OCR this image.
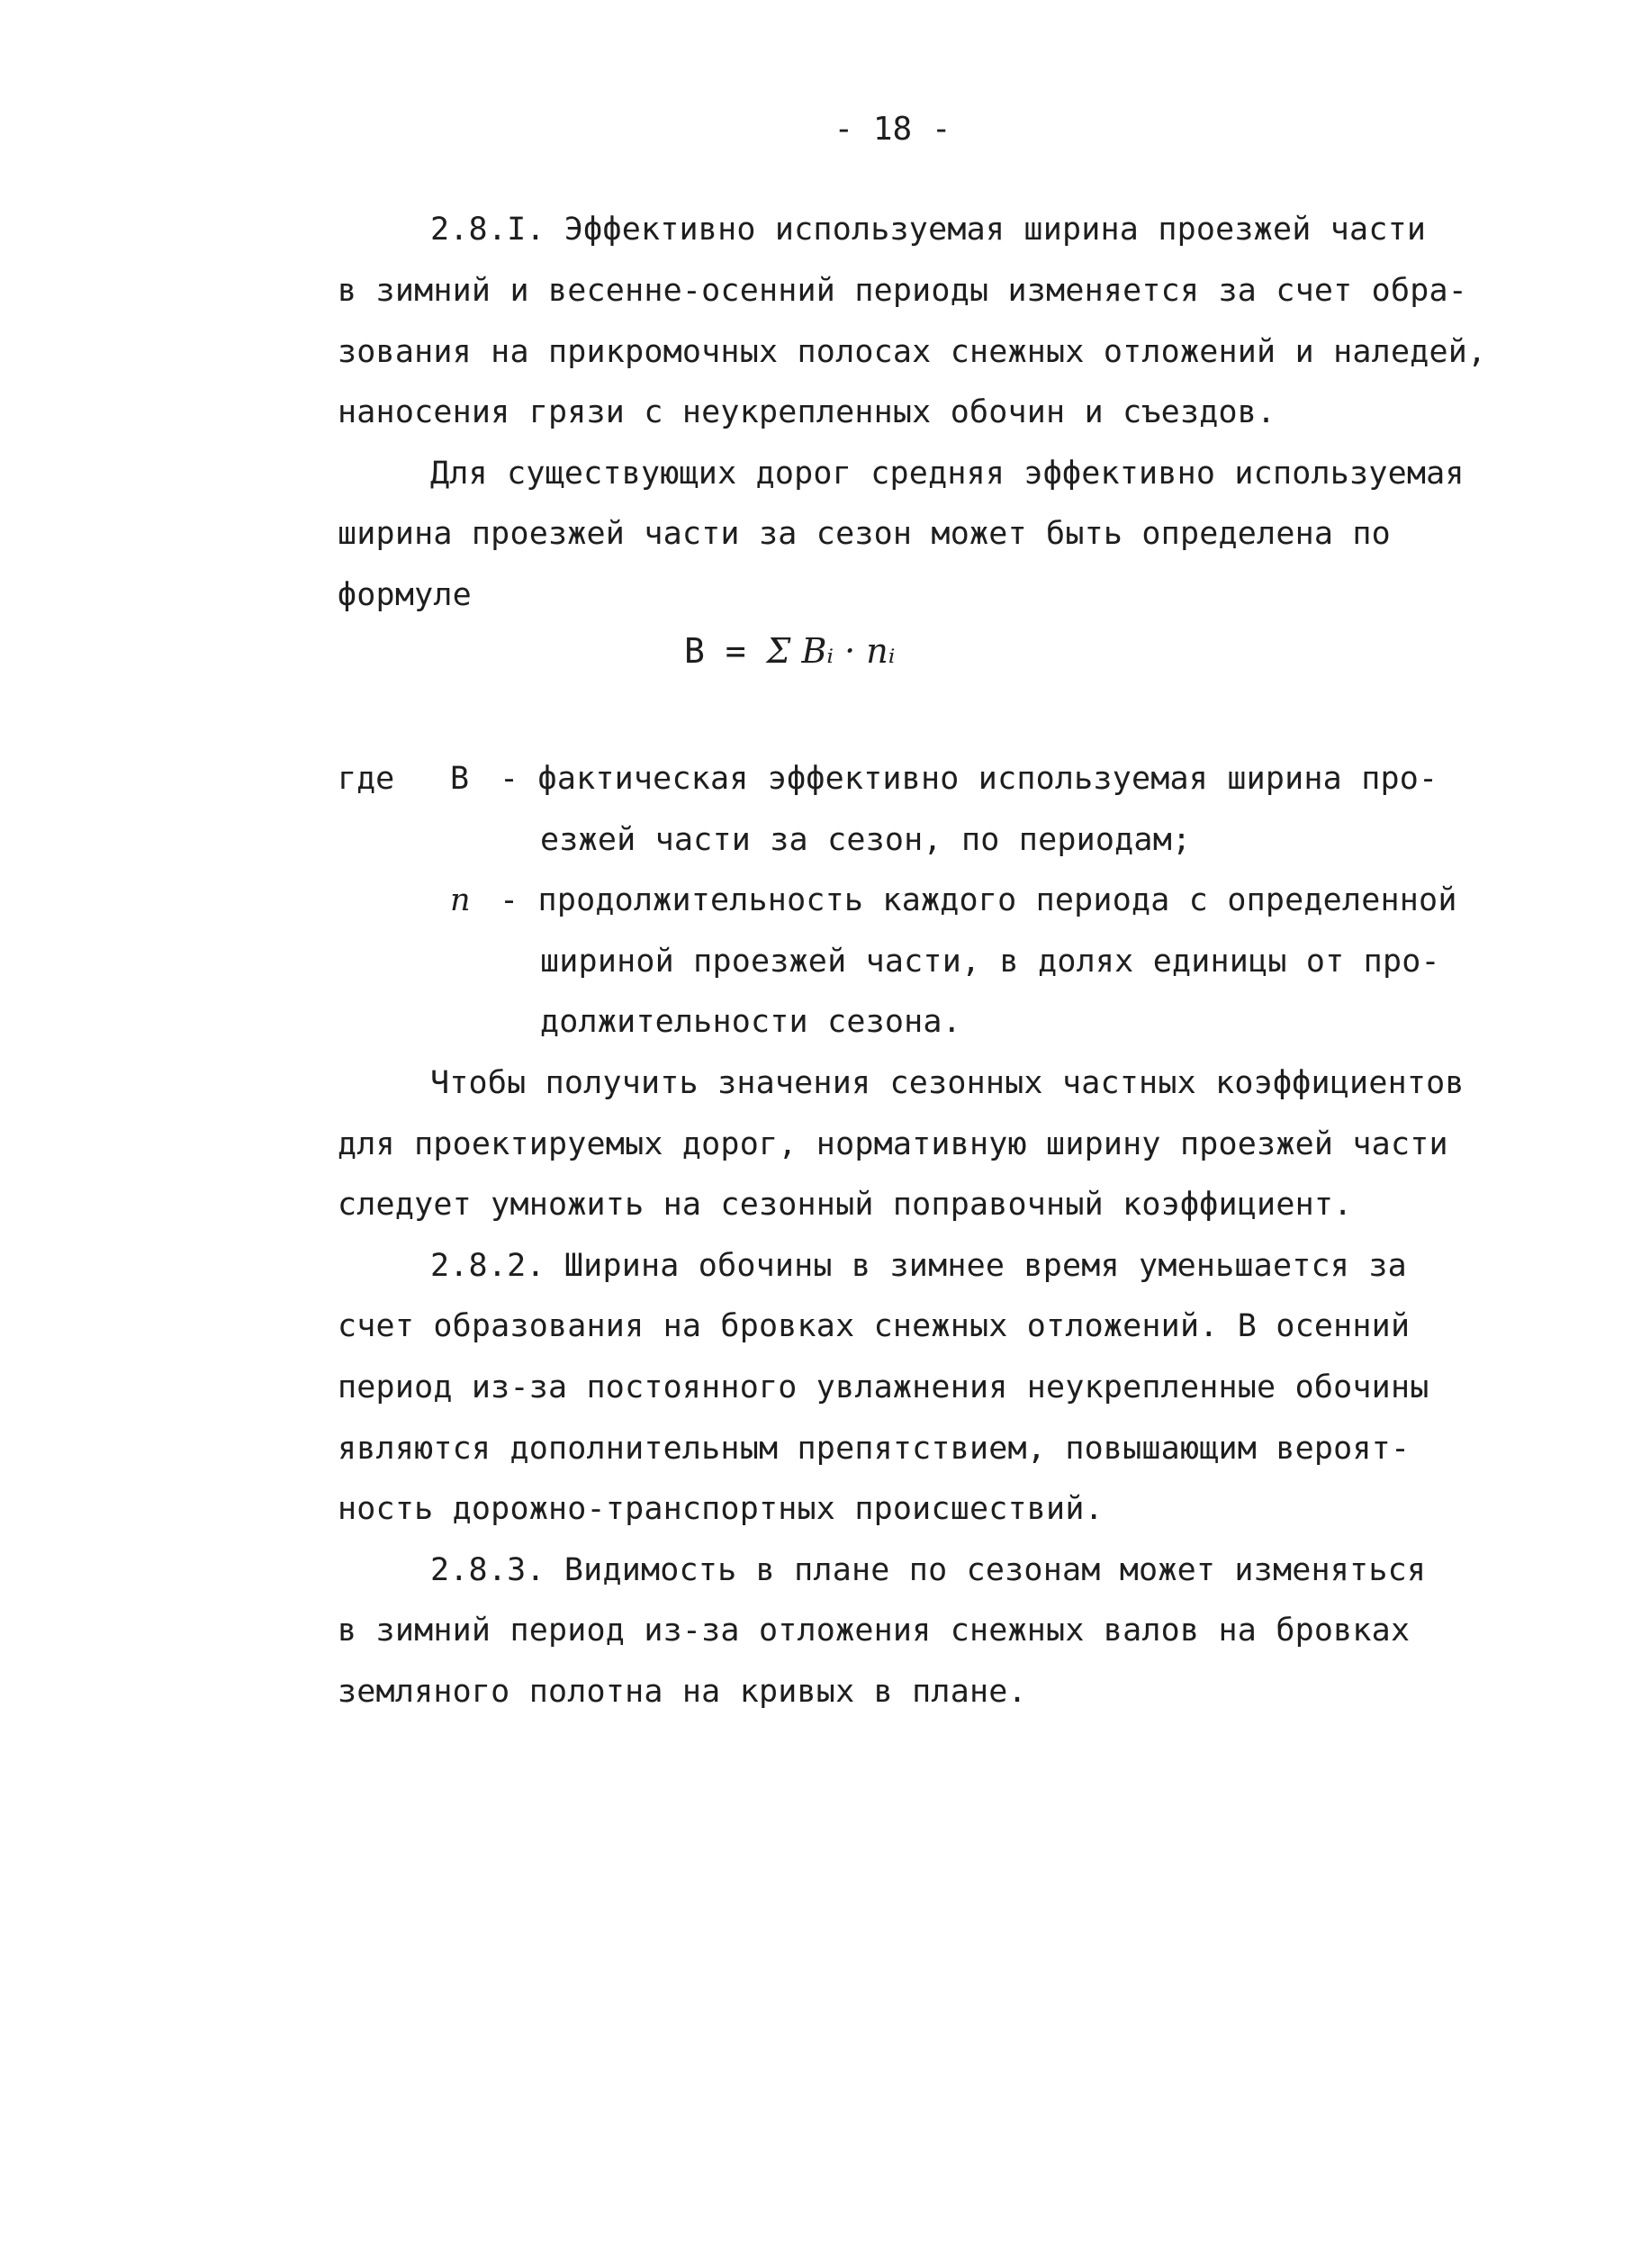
- 18 -
2.8.I. Эффективно используемая ширина проезжей части
в зимний и весенне-осенний периоды изменяется за счет обра-
зования на прикромочных полосах снежных отложений и наледей,
наносения грязи с неукрепленных обочин и съездов.
Для существующих дорог средняя эффективно используемая
ширина проезжей части за сезон может быть определена по
формуле
B = Σ Bᵢ · nᵢ
где B - фактическая эффективно используемая ширина про-
езжей части за сезон, по периодам;
n - продолжительность каждого периода с определенной
шириной проезжей части, в долях единицы от про-
должительности сезона.
Чтобы получить значения сезонных частных коэффициентов
для проектируемых дорог, нормативную ширину проезжей части
следует умножить на сезонный поправочный коэффициент.
2.8.2. Ширина обочины в зимнее время уменьшается за
счет образования на бровках снежных отложений. В осенний
период из-за постоянного увлажнения неукрепленные обочины
являются дополнительным препятствием, повышающим вероят-
ность дорожно-транспортных происшествий.
2.8.3. Видимость в плане по сезонам может изменяться
в зимний период из-за отложения снежных валов на бровках
земляного полотна на кривых в плане.
